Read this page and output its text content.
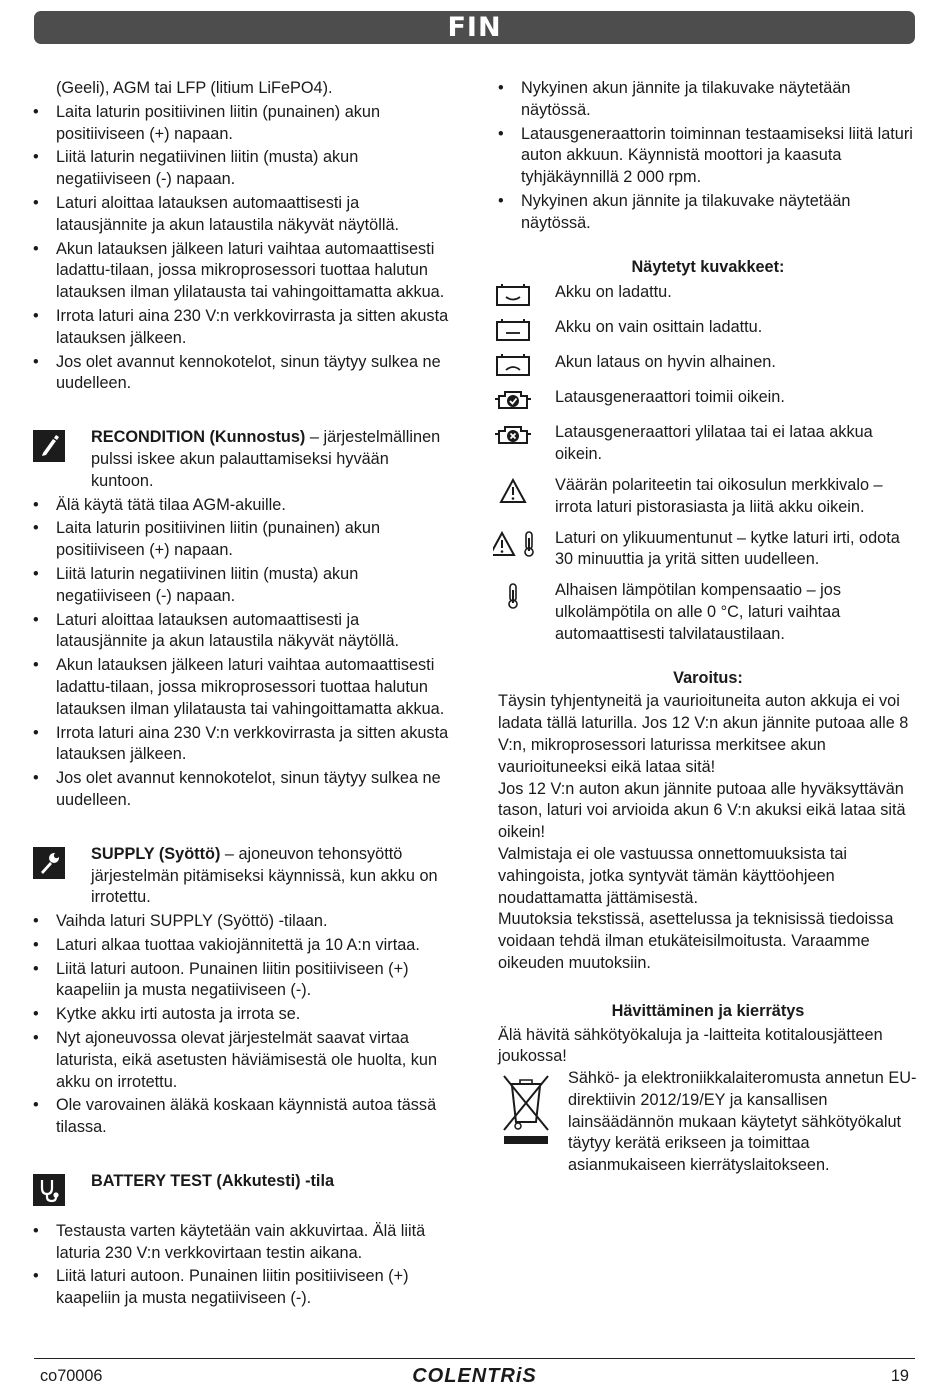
FIN
(Geeli), AGM tai LFP (litium LiFePO4).
• Laita laturin positiivinen liitin (punainen) akun positiiviseen (+) napaan.
• Liitä laturin negatiivinen liitin (musta) akun negatiiviseen (-) napaan.
• Laturi aloittaa latauksen automaattisesti ja latausjännite ja akun lataustila näkyvät näytöllä.
• Akun latauksen jälkeen laturi vaihtaa automaattisesti ladattu-tilaan, jossa mikroprosessori tuottaa halutun latauksen ilman ylilatausta tai vahingoittamatta akkua.
• Irrota laturi aina 230 V:n verkkovirrasta ja sitten akusta latauksen jälkeen.
• Jos olet avannut kennokotelot, sinun täytyy sulkea ne uudelleen.
RECONDITION (Kunnostus) – järjestelmällinen pulssi iskee akun palauttamiseksi hyvään kuntoon.
• Älä käytä tätä tilaa AGM-akuille.
• Laita laturin positiivinen liitin (punainen) akun positiiviseen (+) napaan.
• Liitä laturin negatiivinen liitin (musta) akun negatiiviseen (-) napaan.
• Laturi aloittaa latauksen automaattisesti ja latausjännite ja akun lataustila näkyvät näytöllä.
• Akun latauksen jälkeen laturi vaihtaa automaattisesti ladattu-tilaan, jossa mikroprosessori tuottaa halutun latauksen ilman ylilatausta tai vahingoittamatta akkua.
• Irrota laturi aina 230 V:n verkkovirrasta ja sitten akusta latauksen jälkeen.
• Jos olet avannut kennokotelot, sinun täytyy sulkea ne uudelleen.
SUPPLY (Syöttö) – ajoneuvon tehonsyöttö järjestelmän pitämiseksi käynnissä, kun akku on irrotettu.
• Vaihda laturi SUPPLY (Syöttö) -tilaan.
• Laturi alkaa tuottaa vakiojännitettä ja 10 A:n virtaa.
• Liitä laturi autoon. Punainen liitin positiiviseen (+) kaapeliin ja musta negatiiviseen (-).
• Kytke akku irti autosta ja irrota se.
• Nyt ajoneuvossa olevat järjestelmät saavat virtaa laturista, eikä asetusten häviämisestä ole huolta, kun akku on irrotettu.
• Ole varovainen äläkä koskaan käynnistä autoa tässä tilassa.
BATTERY TEST (Akkutesti) -tila
• Testausta varten käytetään vain akkuvirtaa. Älä liitä laturia 230 V:n verkkovirtaan testin aikana.
• Liitä laturi autoon. Punainen liitin positiiviseen (+) kaapeliin ja musta negatiiviseen (-).
• Nykyinen akun jännite ja tilakuvake näytetään näytössä.
• Latausgeneraattorin toiminnan testaamiseksi liitä laturi auton akkuun. Käynnistä moottori ja kaasuta tyhjäkäynnillä 2 000 rpm.
• Nykyinen akun jännite ja tilakuvake näytetään näytössä.
Näytetyt kuvakkeet:
Akku on ladattu.
Akku on vain osittain ladattu.
Akun lataus on hyvin alhainen.
Latausgeneraattori toimii oikein.
Latausgeneraattori ylilataa tai ei lataa akkua oikein.
Väärän polariteetin tai oikosulun merkkivalo – irrota laturi pistorasiasta ja liitä akku oikein.
Laturi on ylikuumentunut – kytke laturi irti, odota 30 minuuttia ja yritä sitten uudelleen.
Alhaisen lämpötilan kompensaatio – jos ulkolämpötila on alle 0 °C, laturi vaihtaa automaattisesti talvilataustilaan.
Varoitus:

Täysin tyhjentyneitä ja vaurioituneita auton akkuja ei voi ladata tällä laturilla. Jos 12 V:n akun jännite putoaa alle 8 V:n, mikroprosessori laturissa merkitsee akun vaurioituneeksi eikä lataa sitä!

Jos 12 V:n auton akun jännite putoaa alle hyväksyttävän tason, laturi voi arvioida akun 6 V:n akuksi eikä lataa sitä oikein!

Valmistaja ei ole vastuussa onnettomuuksista tai vahingoista, jotka syntyvät tämän käyttöohjeen noudattamatta jättämisestä.

Muutoksia tekstissä, asettelussa ja teknisissä tiedoissa voidaan tehdä ilman etukäteisilmoitusta. Varaamme oikeuden muutoksiin.

Hävittäminen ja kierrätys

Älä hävitä sähkötyökaluja ja -laitteita kotitalousjätteen joukossa!

Sähkö- ja elektroniikkalaiteromusta annetun EU-direktiivin 2012/19/EY ja kansallisen lainsäädännön mukaan käytetyt sähkötyökalut täytyy kerätä erikseen ja toimittaa asianmukaiseen kierrätyslaitokseen.
co70006	COLENTRiS	19
